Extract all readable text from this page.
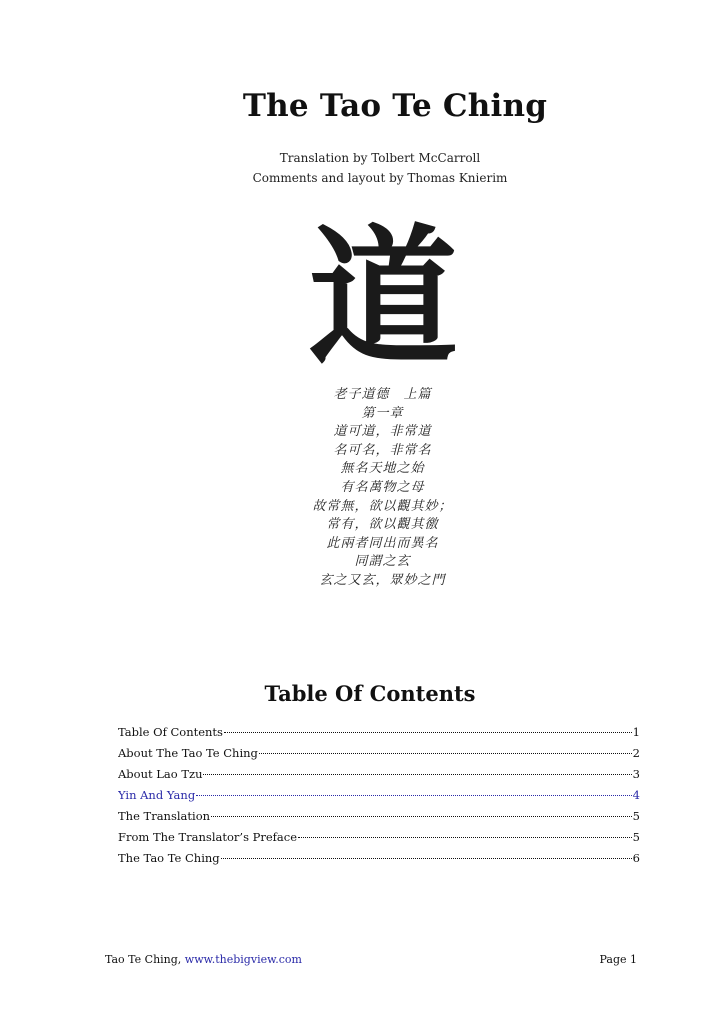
The Tao Te Ching
Translation by Tolbert McCarroll
Comments and layout by Thomas Knierim
道
老子道德　上篇
第一章
道可道，非常道
名可名，非常名
無名天地之始
有名萬物之母
故常無，欲以觀其妙；
常有，欲以觀其徼
此兩者同出而異名
同謂之玄
玄之又玄，眾妙之門
Table Of Contents
Table Of Contents	1
About The Tao Te Ching	2
About Lao Tzu	3
Yin And Yang	4
The Translation	5
From The Translator’s Preface	5
The Tao Te Ching	6
Tao Te Ching, www.thebigview.com	Page 1
